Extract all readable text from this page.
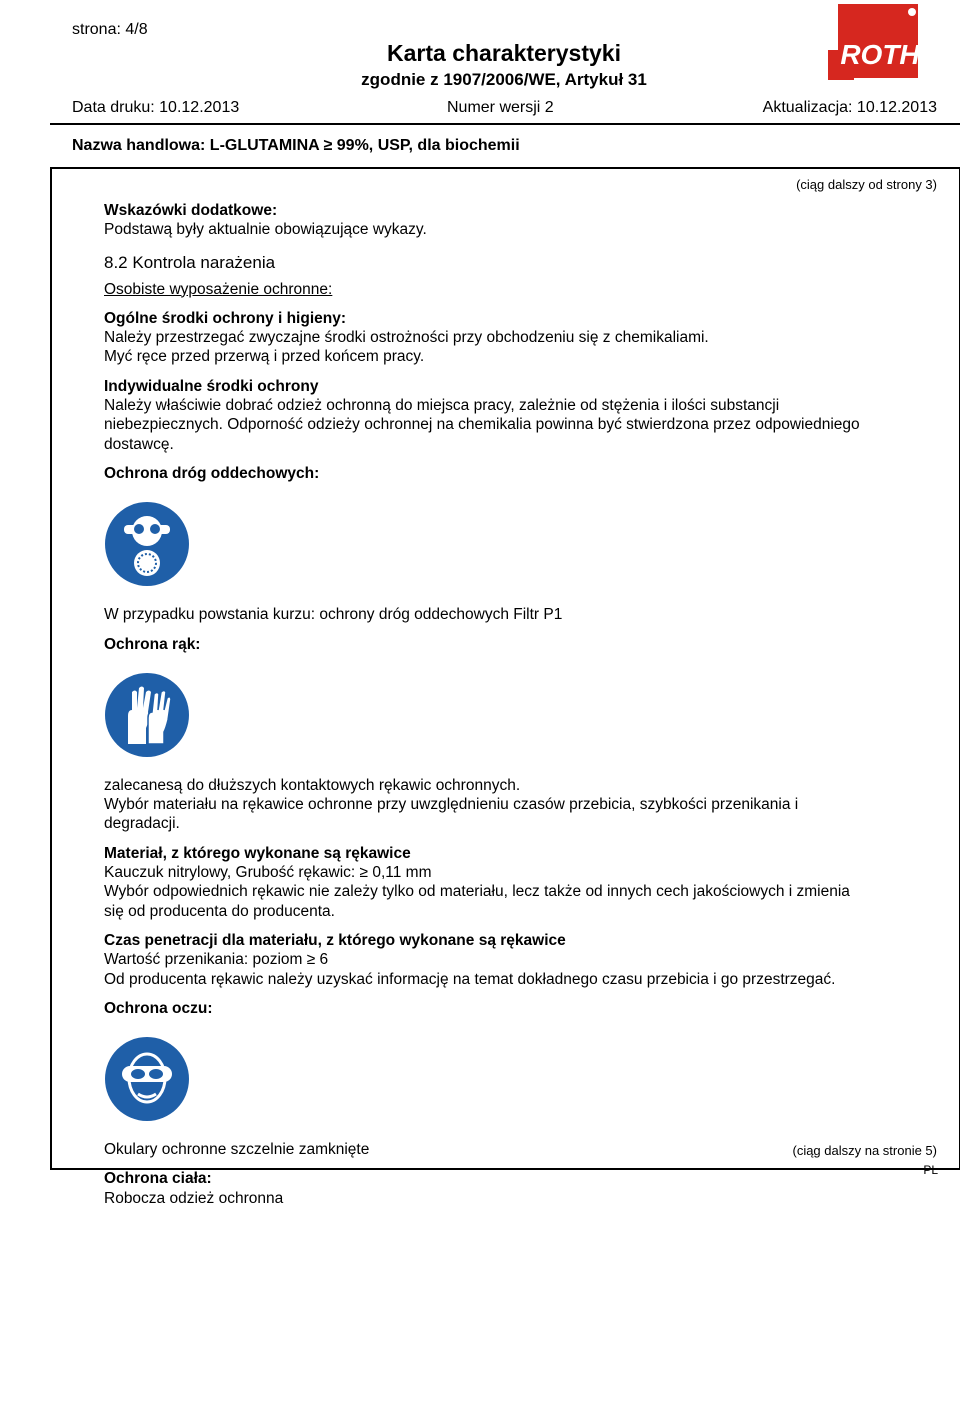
strona: 4/8
Karta charakterystyki
zgodnie z 1907/2006/WE, Artykuł 31
ROTH
Data druku: 10.12.2013	Numer wersji 2	Aktualizacja: 10.12.2013
Nazwa handlowa: L-GLUTAMINA ≥ 99%, USP, dla biochemii
(ciąg dalszy od strony 3)

Wskazówki dodatkowe:

Podstawą były aktualnie obowiązujące wykazy.

8.2 Kontrola narażenia

Osobiste wyposażenie ochronne:

Ogólne środki ochrony i higieny:

Należy przestrzegać zwyczajne środki ostrożności przy obchodzeniu się z chemikaliami.

Myć ręce przed przerwą i przed końcem pracy.

Indywidualne środki ochrony

Należy właściwie dobrać odzież ochronną do miejsca pracy, zależnie od stężenia i ilości substancji

niebezpiecznych. Odporność odzieży ochronnej na chemikalia powinna być stwierdzona przez odpowiedniego

dostawcę.

Ochrona dróg oddechowych:

W przypadku powstania kurzu: ochrony dróg oddechowych Filtr P1

Ochrona rąk:

zalecanesą do dłuższych kontaktowych rękawic ochronnych.

Wybór materiału na rękawice ochronne przy uwzględnieniu czasów przebicia, szybkości przenikania i

degradacji.

Materiał, z którego wykonane są rękawice

Kauczuk nitrylowy, Grubość rękawic: ≥ 0,11 mm

Wybór odpowiednich rękawic nie zależy tylko od materiału, lecz także od innych cech jakościowych i zmienia

się od producenta do producenta.

Czas penetracji dla materiału, z którego wykonane są rękawice

Wartość przenikania: poziom ≥ 6

Od producenta rękawic należy uzyskać informację na temat dokładnego czasu przebicia i go przestrzegać.

Ochrona oczu:

Okulary ochronne szczelnie zamknięte

Ochrona ciała:

Robocza odzież ochronna

(ciąg dalszy na stronie 5)
PL
